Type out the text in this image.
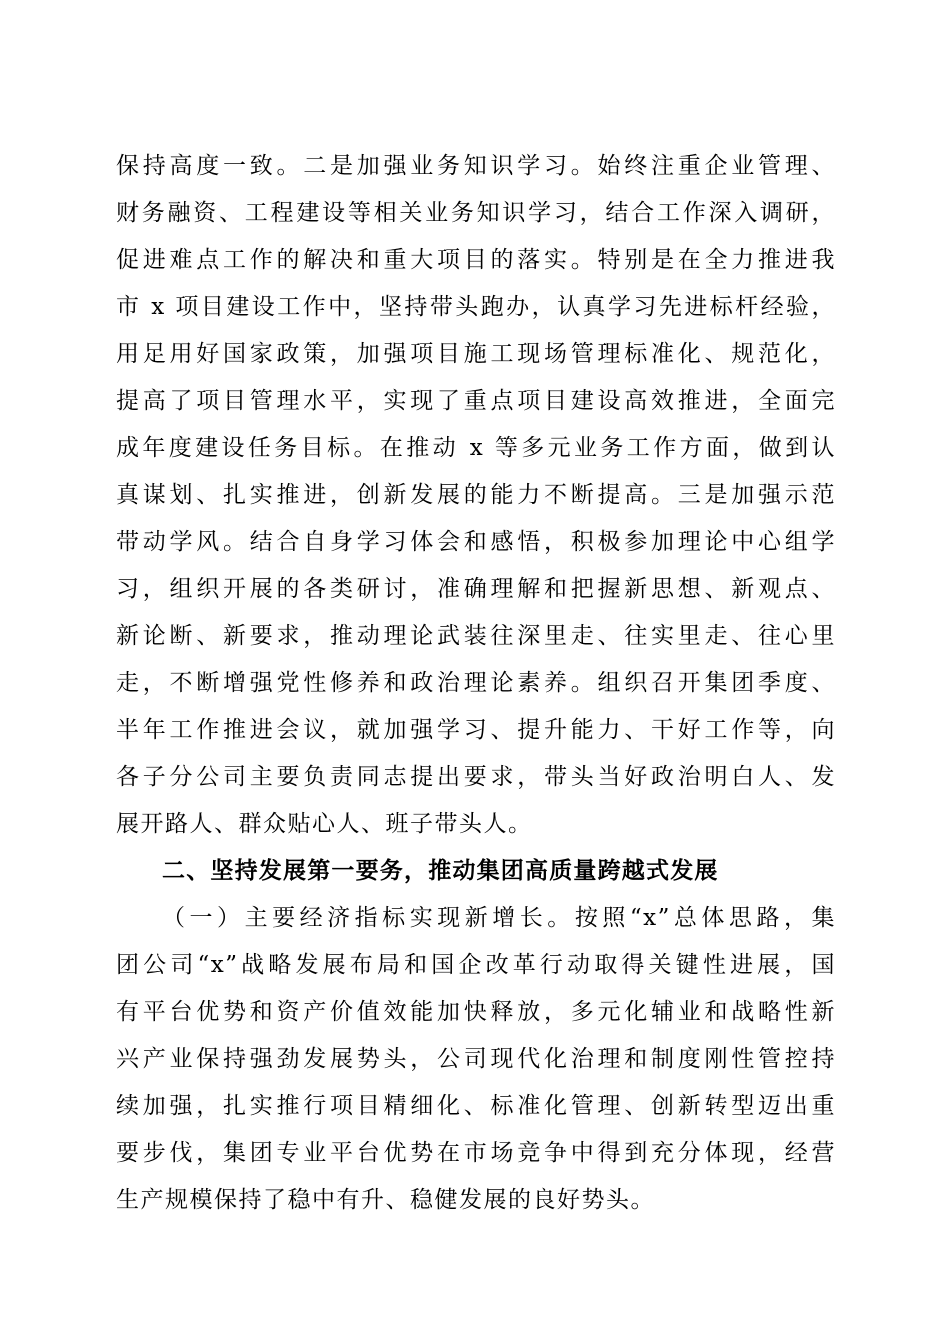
保持高度一致。二是加强业务知识学习。始终注重企业管理、
财务融资、工程建设等相关业务知识学习，结合工作深入调研，
促进难点工作的解决和重大项目的落实。特别是在全力推进我
市 x 项目建设工作中，坚持带头跑办，认真学习先进标杆经验，
用足用好国家政策，加强项目施工现场管理标准化、规范化，
提高了项目管理水平，实现了重点项目建设高效推进，全面完
成年度建设任务目标。在推动 x 等多元业务工作方面，做到认
真谋划、扎实推进，创新发展的能力不断提高。三是加强示范
带动学风。结合自身学习体会和感悟，积极参加理论中心组学
习，组织开展的各类研讨，准确理解和把握新思想、新观点、
新论断、新要求，推动理论武装往深里走、往实里走、往心里
走，不断增强党性修养和政治理论素养。组织召开集团季度、
半年工作推进会议，就加强学习、提升能力、干好工作等，向
各子分公司主要负责同志提出要求，带头当好政治明白人、发
展开路人、群众贴心人、班子带头人。
二、坚持发展第一要务，推动集团高质量跨越式发展
（一）主要经济指标实现新增长。按照“x”总体思路，集
团公司“x”战略发展布局和国企改革行动取得关键性进展，国
有平台优势和资产价值效能加快释放，多元化辅业和战略性新
兴产业保持强劲发展势头，公司现代化治理和制度刚性管控持
续加强，扎实推行项目精细化、标准化管理、创新转型迈出重
要步伐，集团专业平台优势在市场竞争中得到充分体现，经营
生产规模保持了稳中有升、稳健发展的良好势头。
